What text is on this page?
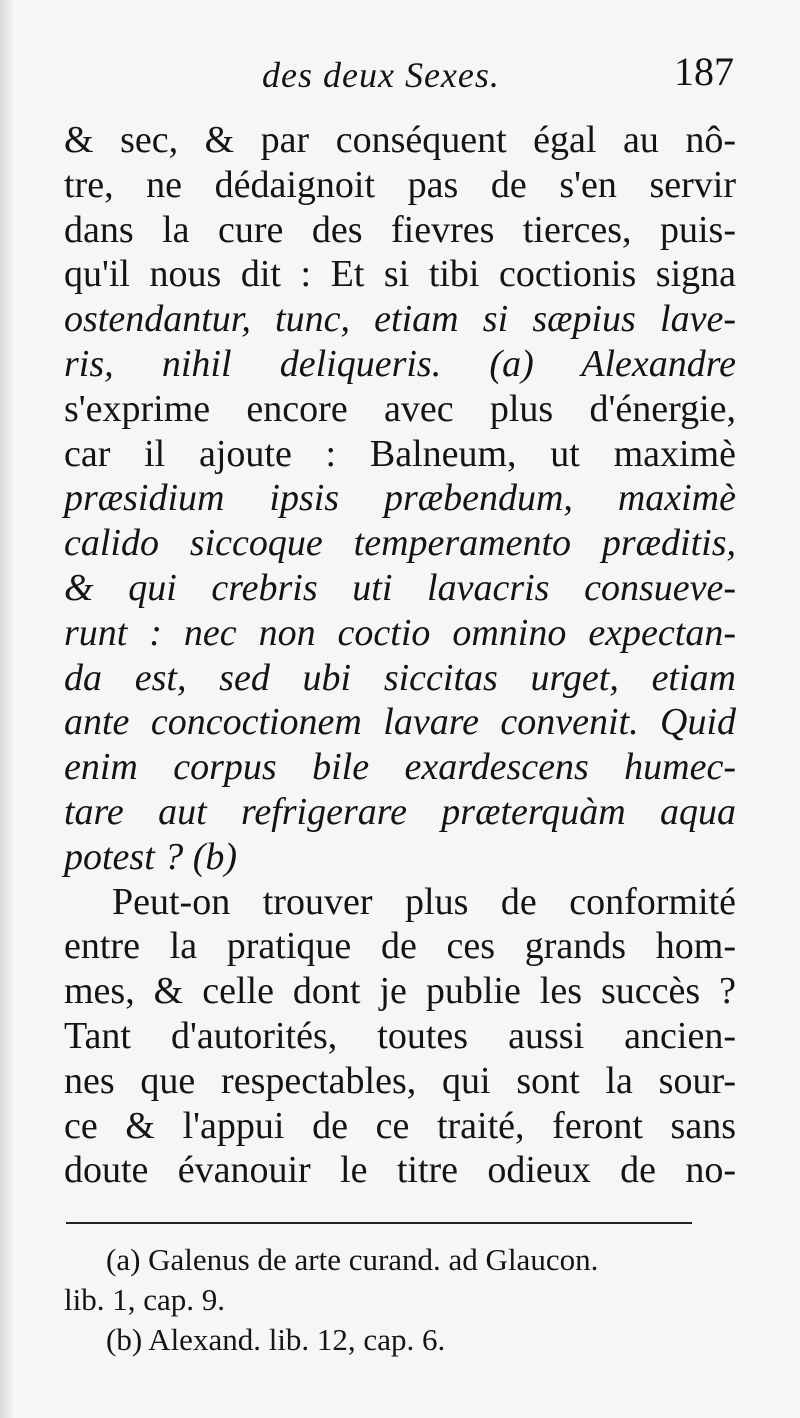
des deux Sexes.	187
& sec, & par conséquent égal au nô-
tre, ne dédaignoit pas de s'en servir
dans la cure des fievres tierces, puis-
qu'il nous dit : Et si tibi coctionis signa
ostendantur, tunc, etiam si sæpius lave-
ris, nihil deliqueris. (a) Alexandre
s'exprime encore avec plus d'énergie,
car il ajoute : Balneum, ut maximè
præsidium ipsis præbendum, maximè
calido siccoque temperamento præditis,
& qui crebris uti lavacris consueve-
runt : nec non coctio omnino expectan-
da est, sed ubi siccitas urget, etiam
ante concoctionem lavare convenit. Quid
enim corpus bile exardescens humec-
tare aut refrigerare præterquàm aqua
potest ? (b)
Peut-on trouver plus de conformité
entre la pratique de ces grands hom-
mes, & celle dont je publie les succès ?
Tant d'autorités, toutes aussi ancien-
nes que respectables, qui sont la sour-
ce & l'appui de ce traité, feront sans
doute évanouir le titre odieux de no-
(a) Galenus de arte curand. ad Glaucon.
lib. 1, cap. 9.
(b) Alexand. lib. 12, cap. 6.
